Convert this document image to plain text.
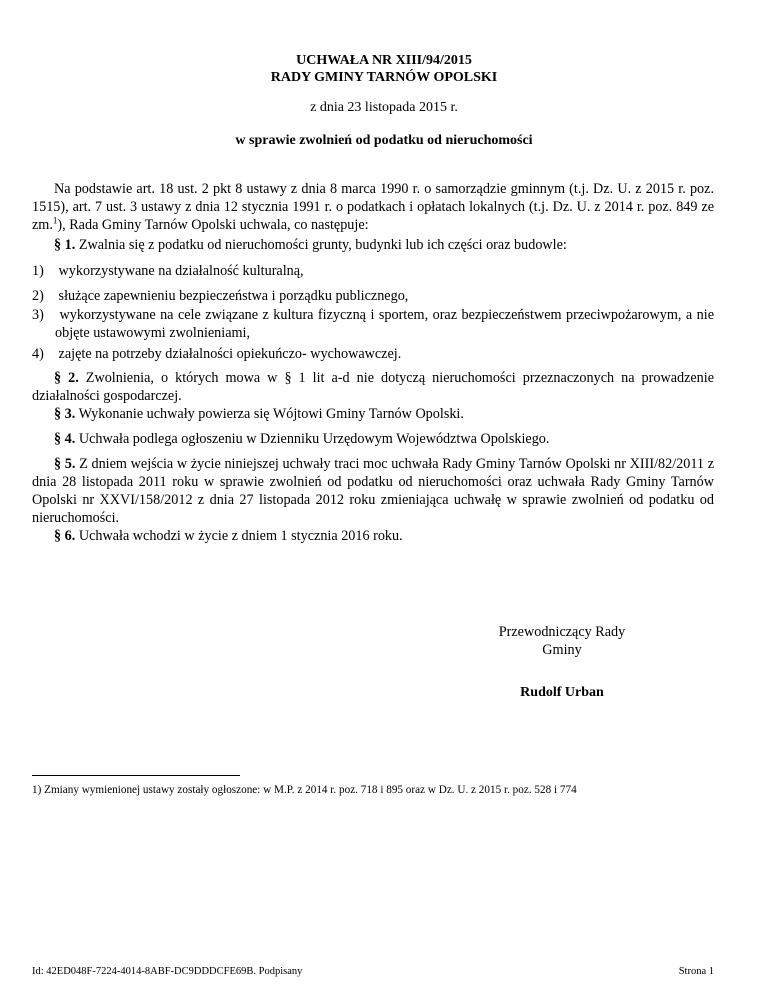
UCHWAŁA NR XIII/94/2015
RADY GMINY TARNÓW OPOLSKI
z dnia 23 listopada 2015 r.
w sprawie zwolnień od podatku od nieruchomości
Na podstawie art. 18 ust. 2 pkt 8 ustawy z dnia 8 marca 1990 r. o samorządzie gminnym (t.j. Dz. U. z 2015 r. poz. 1515), art. 7 ust. 3 ustawy z dnia 12 stycznia 1991 r. o podatkach i opłatach lokalnych (t.j. Dz. U. z 2014 r. poz. 849 ze zm.$^1$), Rada Gminy Tarnów Opolski uchwala, co następuje:
§ 1. Zwalnia się z podatku od nieruchomości grunty, budynki lub ich części oraz budowle:
1) wykorzystywane na działalność kulturalną,
2) służące zapewnieniu bezpieczeństwa i porządku publicznego,
3) wykorzystywane na cele związane z kultura fizyczną i sportem, oraz bezpieczeństwem przeciwpożarowym, a nie objęte ustawowymi zwolnieniami,
4) zajęte na potrzeby działalności opiekuńczo- wychowawczej.
§ 2. Zwolnienia, o których mowa w § 1 lit a-d nie dotyczą nieruchomości przeznaczonych na prowadzenie działalności gospodarczej.
§ 3. Wykonanie uchwały powierza się Wójtowi Gminy Tarnów Opolski.
§ 4. Uchwała podlega ogłoszeniu w Dzienniku Urzędowym Województwa Opolskiego.
§ 5. Z dniem wejścia w życie niniejszej uchwały traci moc uchwała Rady Gminy Tarnów Opolski nr XIII/82/2011 z dnia 28 listopada 2011 roku w sprawie zwolnień od podatku od nieruchomości oraz uchwała Rady Gminy Tarnów Opolski nr XXVI/158/2012 z dnia 27 listopada 2012 roku zmieniająca uchwałę w sprawie zwolnień od podatku od nieruchomości.
§ 6. Uchwała wchodzi w życie z dniem 1 stycznia 2016 roku.
Przewodniczący Rady
Gminy
Rudolf Urban
1) Zmiany wymienionej ustawy zostały ogłoszone: w M.P. z 2014 r. poz. 718 i 895 oraz w Dz. U. z 2015 r. poz. 528 i 774
Id: 42ED048F-7224-4014-8ABF-DC9DDDCFE69B. Podpisany	Strona 1
